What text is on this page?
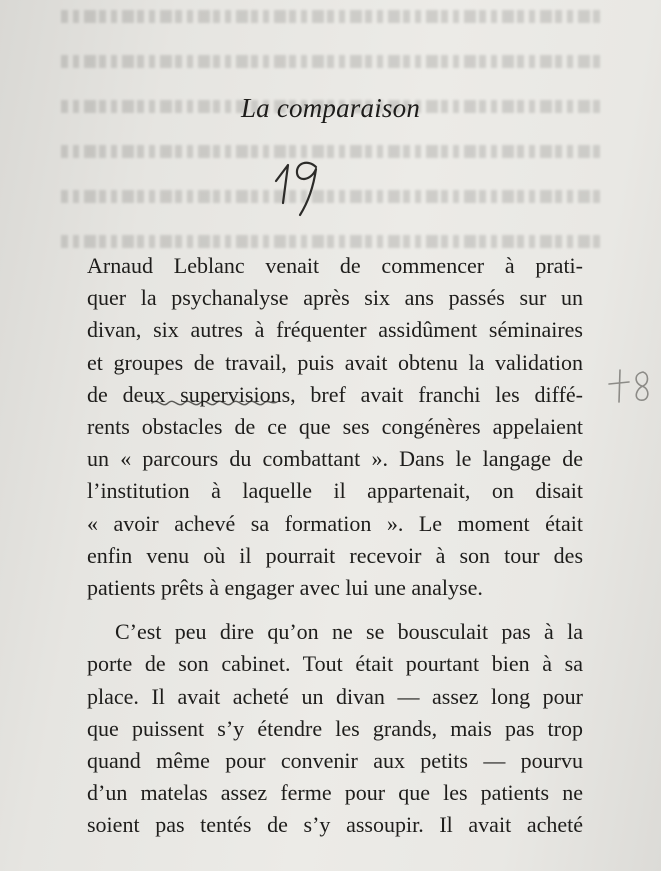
La comparaison

Arnaud Leblanc venait de commencer à prati-

quer la psychanalyse après six ans passés sur un

divan, six autres à fréquenter assidûment séminaires

et groupes de travail, puis avait obtenu la validation

de deux supervisions, bref avait franchi les diffé-

rents obstacles de ce que ses congénères appelaient

un « parcours du combattant ». Dans le langage de

l’institution à laquelle il appartenait, on disait

« avoir achevé sa formation ». Le moment était

enfin venu où il pourrait recevoir à son tour des

patients prêts à engager avec lui une analyse.

C’est peu dire qu’on ne se bousculait pas à la

porte de son cabinet. Tout était pourtant bien à sa

place. Il avait acheté un divan — assez long pour

que puissent s’y étendre les grands, mais pas trop

quand même pour convenir aux petits — pourvu

d’un matelas assez ferme pour que les patients ne

soient pas tentés de s’y assoupir. Il avait acheté
